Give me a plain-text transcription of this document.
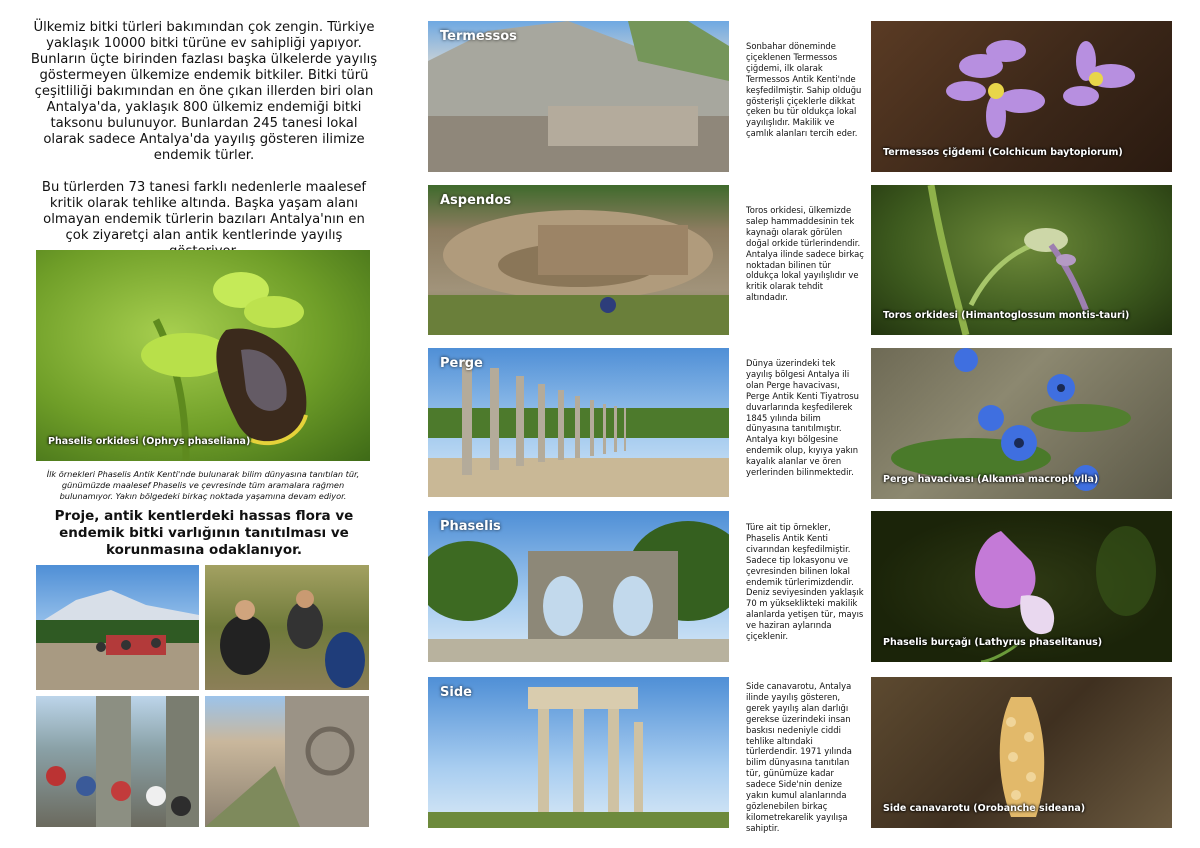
Ülkemiz bitki türleri bakımından çok zengin. Türkiye yaklaşık 10000 bitki türüne ev sahipliği yapıyor. Bunların üçte birinden fazlası başka ülkelerde yayılış göstermeyen ülkemize endemik bitkiler. Bitki türü çeşitliliği bakımından en öne çıkan illerden biri olan Antalya'da, yaklaşık 800 ülkemiz endemiği bitki taksonu bulunuyor. Bunlardan 245 tanesi lokal olarak sadece Antalya'da yayılış gösteren ilimize endemik türler.

Bu türlerden 73 tanesi farklı nedenlerle maalesef kritik olarak tehlike altında. Başka yaşam alanı olmayan endemik türlerin bazıları Antalya'nın en çok ziyaretçi alan antik kentlerinde yayılış

Phaselis orkidesi (Ophrys phaseliana)
İlk örnekleri Phaselis Antik Kenti'nde bulunarak bilim dünyasına tanıtılan tür, günümüzde maalesef Phaselis ve çevresinde tüm aramalara rağmen bulunamıyor. Yakın bölgedeki birkaç noktada yaşamına devam ediyor.
Proje, antik kentlerdeki hassas flora ve endemik bitki varlığının tanıtılması ve korunmasına odaklanıyor.
Termessos
Sonbahar döneminde çiçeklenen Termessos çiğdemi, ilk olarak Termessos Antik Kenti'nde keşfedilmiştir. Sahip olduğu gösterişli çiçeklerle dikkat çeken bu tür oldukça lokal yayılışlıdır. Makilik ve çamlık alanları tercih eder.
Termessos çiğdemi (Colchicum baytopiorum)
Aspendos
Toros orkidesi, ülkemizde salep hammaddesinin tek kaynağı olarak görülen doğal orkide türlerindendir. Antalya ilinde sadece birkaç noktadan bilinen tür oldukça lokal yayılışlıdır ve kritik olarak tehdit altındadır.
Toros orkidesi (Himantoglossum montis-tauri)
Perge	Dünya üzerindeki tek yayılış bölgesi Antalya ili olan Perge havacivası, Perge Antik Kenti Tiyatrosu duvarlarında keşfedilerek 1845 yılında bilim dünyasına tanıtılmıştır. Antalya kıyı bölgesine endemik olup, kıyıya yakın kayalık alanlar ve ören yerlerinden bilinmektedir.
Perge havacivası (Alkanna macrophylla)
Phaselis	Türe ait tip örnekler, Phaselis Antik Kenti civarından keşfedilmiştir. Sadece tip lokasyonu ve çevresinden bilinen lokal endemik türlerimizdendir. Deniz seviyesinden yaklaşık 70 m yükseklikteki makilik alanlarda yetişen tür, mayıs ve haziran aylarında çiçeklenir.
Phaselis burçağı (Lathyrus phaselitanus)
Side	Side canavarotu, Antalya ilinde yayılış gösteren, gerek yayılış alan darlığı gerekse üzerindeki insan baskısı nedeniyle ciddi tehlike altındaki türlerdendir. 1971 yılında bilim dünyasına tanıtılan tür, günümüze kadar sadece Side'nin denize yakın kumul alanlarında gözlenebilen birkaç kilometrekarelik yayılışa sahiptir.
Side canavarotu (Orobanche sideana)
